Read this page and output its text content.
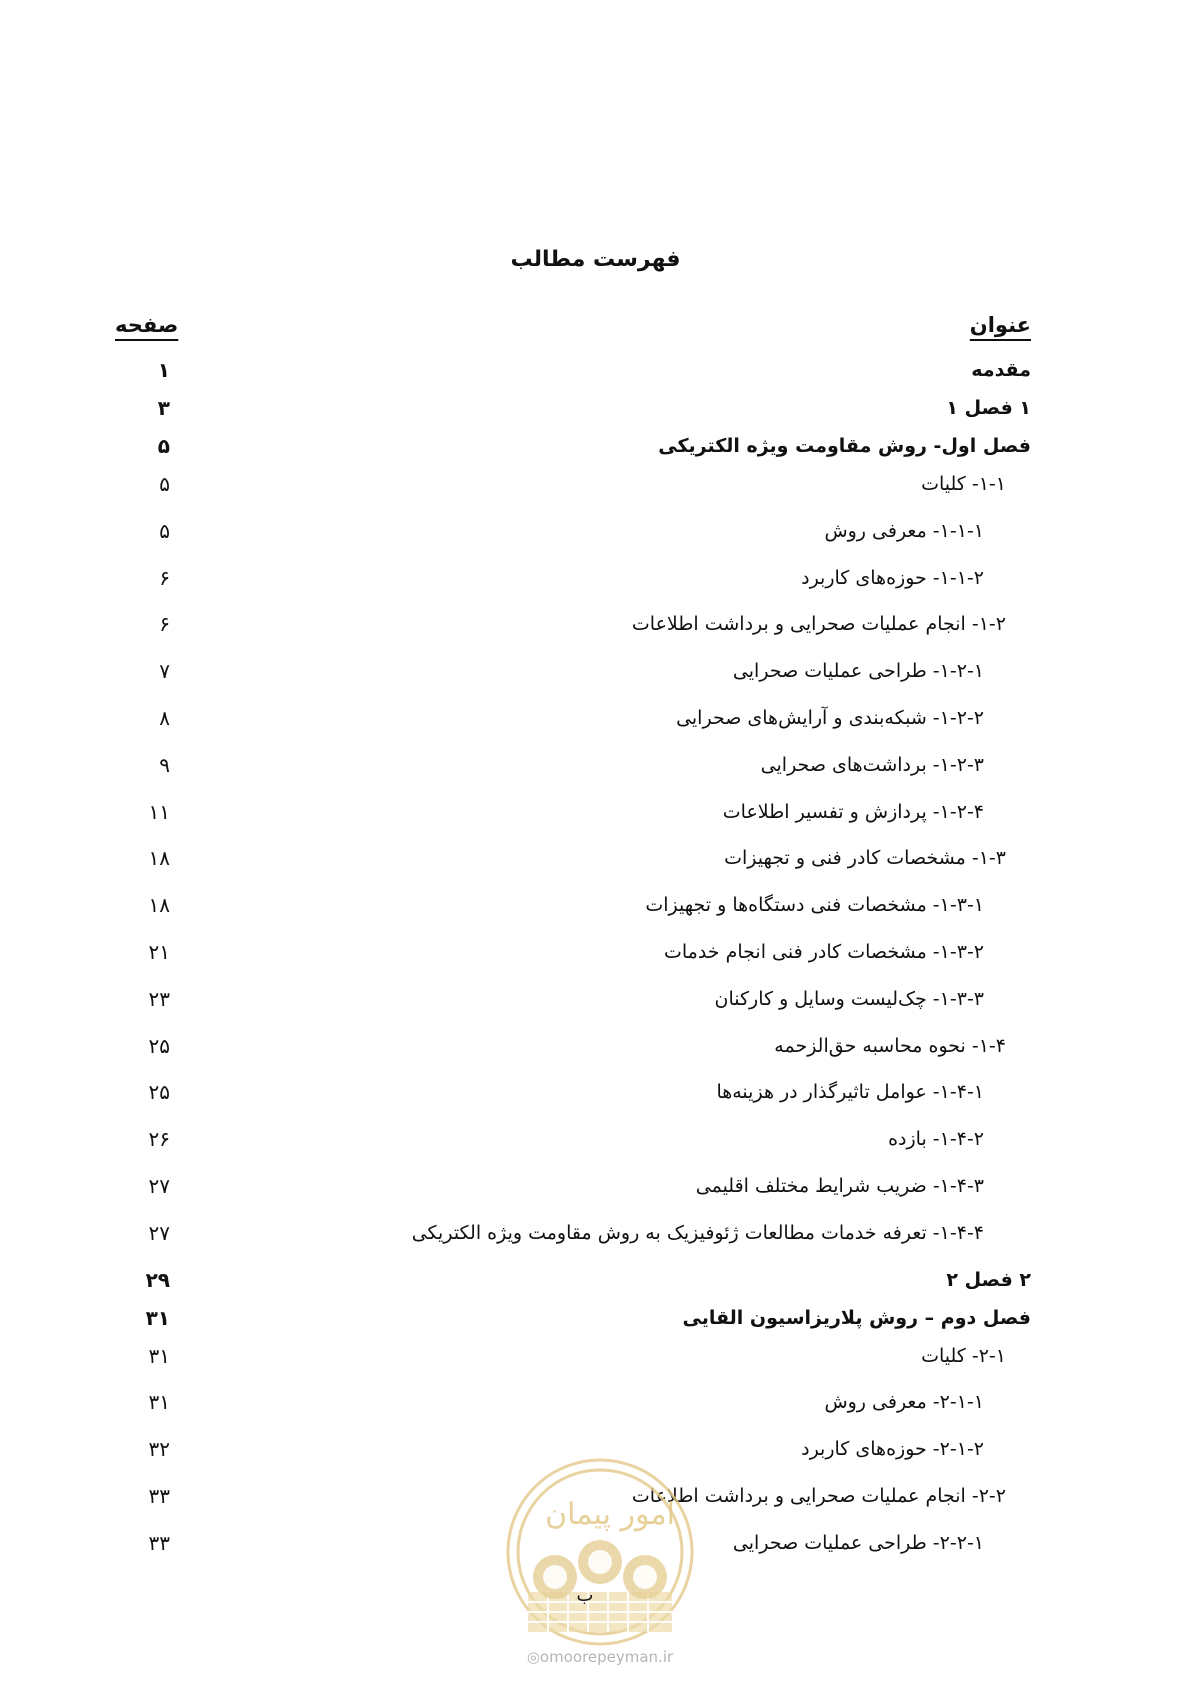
فهرست مطالب
عنوان
صفحه
مقدمه
۱
۱ فصل ۱
۳
فصل اول- روش مقاومت ویژه الکتریکی
۵
۱-۱- کلیات
۵
۱-۱-۱- معرفی روش
۵
۱-۱-۲- حوزه‌های کاربرد
۶
۱-۲- انجام عملیات صحرایی و برداشت اطلاعات
۶
۱-۲-۱- طراحی عملیات صحرایی
۷
۱-۲-۲- شبکه‌بندی و آرایش‌های صحرایی
۸
۱-۲-۳- برداشت‌های صحرایی
۹
۱-۲-۴- پردازش و تفسیر اطلاعات
۱۱
۱-۳- مشخصات کادر فنی و تجهیزات
۱۸
۱-۳-۱- مشخصات فنی دستگاه‌ها و تجهیزات
۱۸
۱-۳-۲- مشخصات کادر فنی انجام خدمات
۲۱
۱-۳-۳- چک‌لیست وسایل و کارکنان
۲۳
۱-۴- نحوه محاسبه حق‌الزحمه
۲۵
۱-۴-۱- عوامل تاثیرگذار در هزینه‌ها
۲۵
۱-۴-۲- بازده
۲۶
۱-۴-۳- ضریب شرایط مختلف اقلیمی
۲۷
۱-۴-۴- تعرفه خدمات مطالعات ژئوفیزیک به روش مقاومت ویژه الکتریکی
۲۷
۲ فصل ۲
۲۹
فصل دوم – روش پلاریزاسیون القایی
۳۱
۲-۱- کلیات
۳۱
۲-۱-۱- معرفی روش
۳۱
۲-۱-۲- حوزه‌های کاربرد
۳۲
۲-۲- انجام عملیات صحرایی و برداشت اطلاعات
۳۳
۲-۲-۱- طراحی عملیات صحرایی
۳۳
امور پیمان
ب
◎omoorepeyman.ir
